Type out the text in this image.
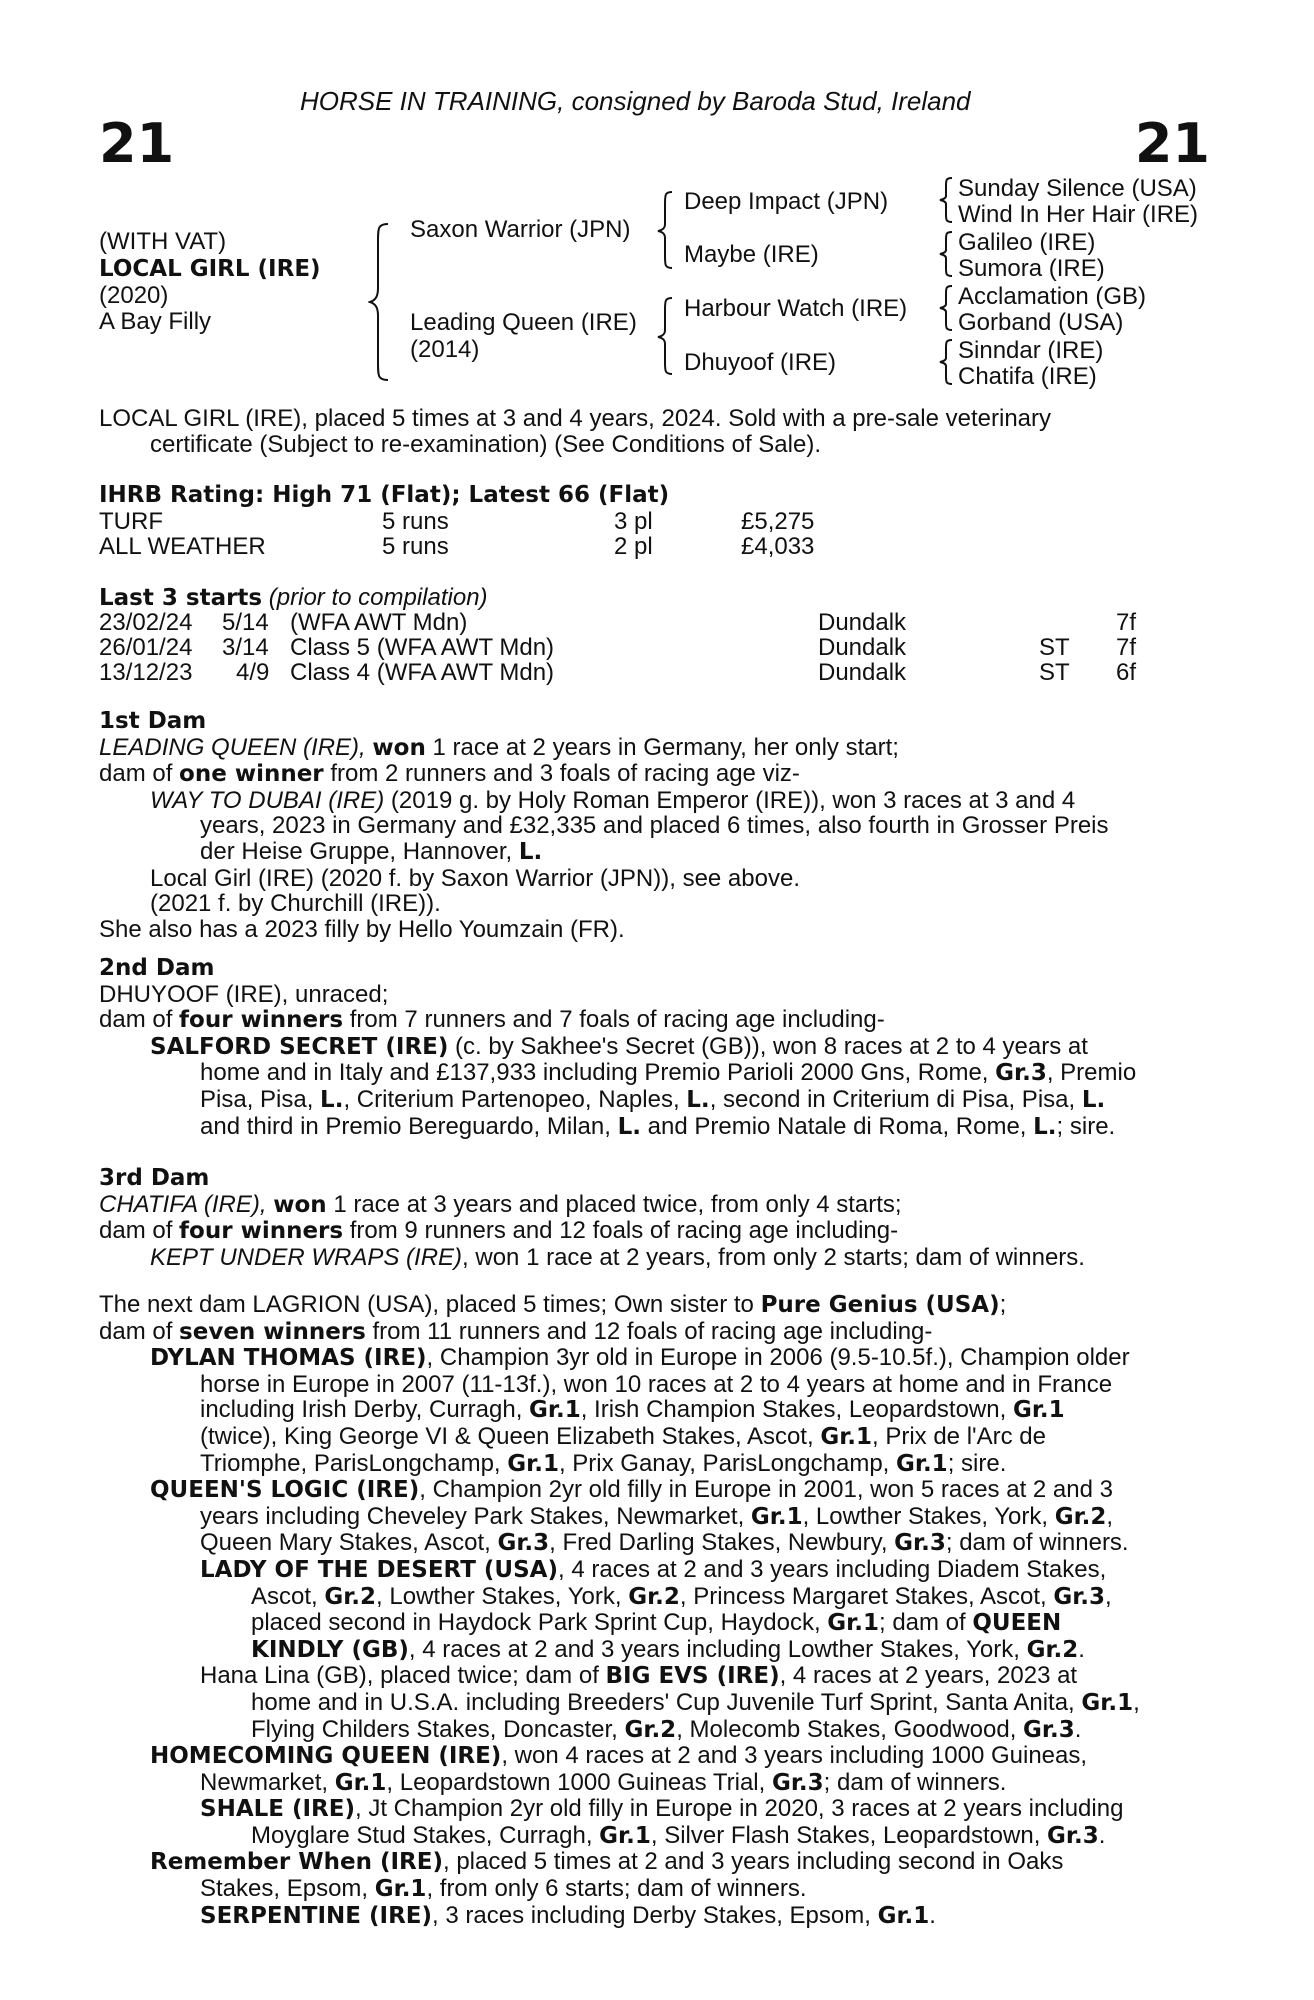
HORSE IN TRAINING, consigned by Baroda Stud, Ireland
21	21
(WITH VAT)
LOCAL GIRL (IRE)
(2020)
A Bay Filly
Saxon Warrior (JPN)
Leading Queen (IRE)
(2014)
Deep Impact (JPN)
Maybe (IRE)
Harbour Watch (IRE)
Dhuyoof (IRE)
Sunday Silence (USA)
Wind In Her Hair (IRE)
Galileo (IRE)
Sumora (IRE)
Acclamation (GB)
Gorband (USA)
Sinndar (IRE)
Chatifa (IRE)
LOCAL GIRL (IRE), placed 5 times at 3 and 4 years, 2024. Sold with a pre-sale veterinary
certificate (Subject to re-examination) (See Conditions of Sale).
IHRB Rating: High 71 (Flat); Latest 66 (Flat)
TURF	5 runs	3 pl	£5,275
ALL WEATHER	5 runs	2 pl	£4,033
Last 3 starts (prior to compilation)
23/02/24 5/14 (WFA AWT Mdn)	Dundalk	7f
26/01/24 3/14 Class 5 (WFA AWT Mdn)	Dundalk	ST 7f
13/12/23 4/9 Class 4 (WFA AWT Mdn)	Dundalk	ST 6f
1st Dam
LEADING QUEEN (IRE), won 1 race at 2 years in Germany, her only start;
dam of one winner from 2 runners and 3 foals of racing age viz-
WAY TO DUBAI (IRE) (2019 g. by Holy Roman Emperor (IRE)), won 3 races at 3 and 4
years, 2023 in Germany and £32,335 and placed 6 times, also fourth in Grosser Preis
der Heise Gruppe, Hannover, L.
Local Girl (IRE) (2020 f. by Saxon Warrior (JPN)), see above.
(2021 f. by Churchill (IRE)).
She also has a 2023 filly by Hello Youmzain (FR).
2nd Dam
DHUYOOF (IRE), unraced;
dam of four winners from 7 runners and 7 foals of racing age including-
SALFORD SECRET (IRE) (c. by Sakhee's Secret (GB)), won 8 races at 2 to 4 years at
home and in Italy and £137,933 including Premio Parioli 2000 Gns, Rome, Gr.3, Premio
Pisa, Pisa, L., Criterium Partenopeo, Naples, L., second in Criterium di Pisa, Pisa, L.
and third in Premio Bereguardo, Milan, L. and Premio Natale di Roma, Rome, L.; sire.
3rd Dam
CHATIFA (IRE), won 1 race at 3 years and placed twice, from only 4 starts;
dam of four winners from 9 runners and 12 foals of racing age including-
KEPT UNDER WRAPS (IRE), won 1 race at 2 years, from only 2 starts; dam of winners.
The next dam LAGRION (USA), placed 5 times; Own sister to Pure Genius (USA);
dam of seven winners from 11 runners and 12 foals of racing age including-
DYLAN THOMAS (IRE), Champion 3yr old in Europe in 2006 (9.5-10.5f.), Champion older
horse in Europe in 2007 (11-13f.), won 10 races at 2 to 4 years at home and in France
including Irish Derby, Curragh, Gr.1, Irish Champion Stakes, Leopardstown, Gr.1
(twice), King George VI & Queen Elizabeth Stakes, Ascot, Gr.1, Prix de l'Arc de
Triomphe, ParisLongchamp, Gr.1, Prix Ganay, ParisLongchamp, Gr.1; sire.
QUEEN'S LOGIC (IRE), Champion 2yr old filly in Europe in 2001, won 5 races at 2 and 3
years including Cheveley Park Stakes, Newmarket, Gr.1, Lowther Stakes, York, Gr.2,
Queen Mary Stakes, Ascot, Gr.3, Fred Darling Stakes, Newbury, Gr.3; dam of winners.
LADY OF THE DESERT (USA), 4 races at 2 and 3 years including Diadem Stakes,
Ascot, Gr.2, Lowther Stakes, York, Gr.2, Princess Margaret Stakes, Ascot, Gr.3,
placed second in Haydock Park Sprint Cup, Haydock, Gr.1; dam of QUEEN
KINDLY (GB), 4 races at 2 and 3 years including Lowther Stakes, York, Gr.2.
Hana Lina (GB), placed twice; dam of BIG EVS (IRE), 4 races at 2 years, 2023 at
home and in U.S.A. including Breeders' Cup Juvenile Turf Sprint, Santa Anita, Gr.1,
Flying Childers Stakes, Doncaster, Gr.2, Molecomb Stakes, Goodwood, Gr.3.
HOMECOMING QUEEN (IRE), won 4 races at 2 and 3 years including 1000 Guineas,
Newmarket, Gr.1, Leopardstown 1000 Guineas Trial, Gr.3; dam of winners.
SHALE (IRE), Jt Champion 2yr old filly in Europe in 2020, 3 races at 2 years including
Moyglare Stud Stakes, Curragh, Gr.1, Silver Flash Stakes, Leopardstown, Gr.3.
Remember When (IRE), placed 5 times at 2 and 3 years including second in Oaks
Stakes, Epsom, Gr.1, from only 6 starts; dam of winners.
SERPENTINE (IRE), 3 races including Derby Stakes, Epsom, Gr.1.
